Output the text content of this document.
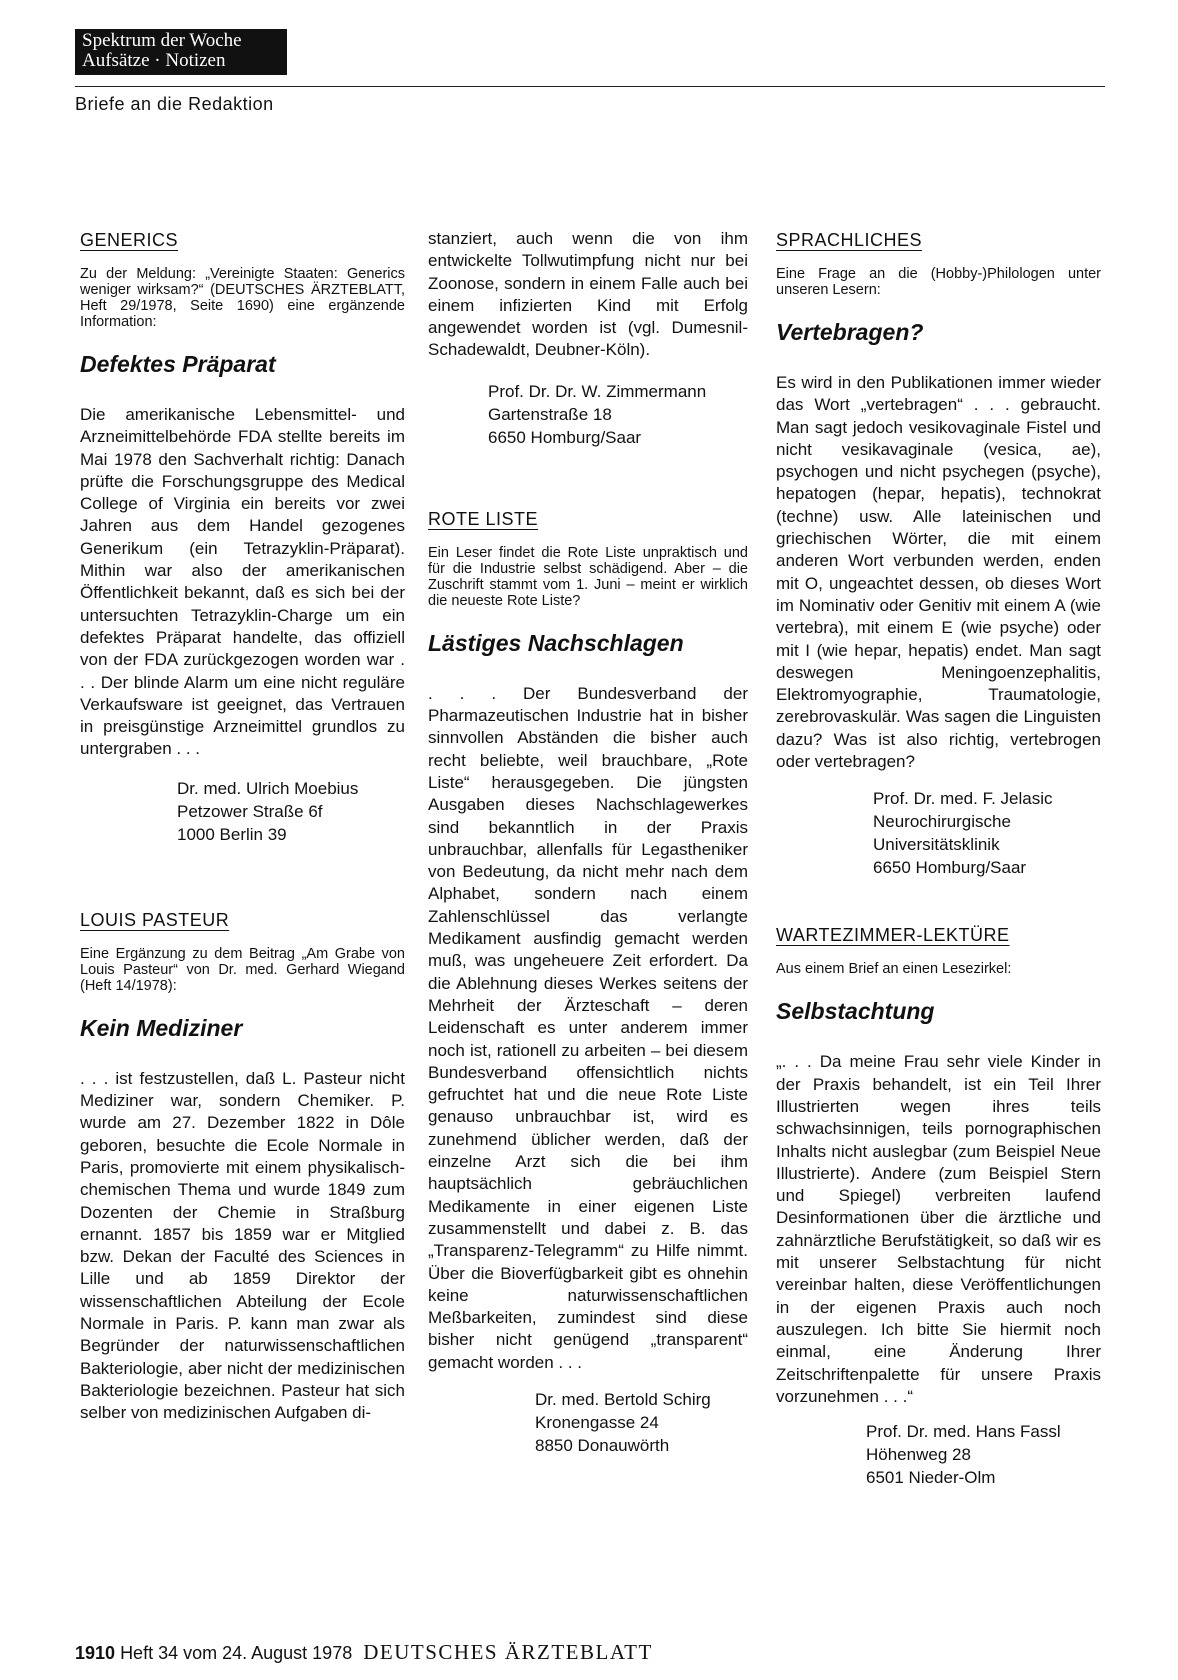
Spektrum der Woche
Aufsätze · Notizen
Briefe an die Redaktion
GENERICS

Zu der Meldung: „Vereinigte Staaten: Generics weniger wirksam?“ (DEUTSCHES ÄRZTEBLATT, Heft 29/1978, Seite 1690) eine ergänzende Information:

Defektes Präparat

Die amerikanische Lebensmittel- und Arzneimittelbehörde FDA stellte bereits im Mai 1978 den Sachverhalt richtig: Danach prüfte die Forschungsgruppe des Medical College of Virginia ein bereits vor zwei Jahren aus dem Handel gezogenes Generikum (ein Tetrazyklin-Präparat). Mithin war also der amerikanischen Öffentlichkeit bekannt, daß es sich bei der untersuchten Tetrazyklin-Charge um ein defektes Präparat handelte, das offiziell von der FDA zurückgezogen worden war . . . Der blinde Alarm um eine nicht reguläre Verkaufsware ist geeignet, das Vertrauen in preisgünstige Arzneimittel grundlos zu untergraben . . .

Dr. med. Ulrich Moebius
Petzower Straße 6f
1000 Berlin 39
LOUIS PASTEUR

Eine Ergänzung zu dem Beitrag „Am Grabe von Louis Pasteur“ von Dr. med. Gerhard Wiegand (Heft 14/1978):

Kein Mediziner

. . . ist festzustellen, daß L. Pasteur nicht Mediziner war, sondern Chemiker. P. wurde am 27. Dezember 1822 in Dôle geboren, besuchte die Ecole Normale in Paris, promovierte mit einem physikalisch-chemischen Thema und wurde 1849 zum Dozenten der Chemie in Straßburg ernannt. 1857 bis 1859 war er Mitglied bzw. Dekan der Faculté des Sciences in Lille und ab 1859 Direktor der wissenschaftlichen Abteilung der Ecole Normale in Paris. P. kann man zwar als Begründer der naturwissenschaftlichen Bakteriologie, aber nicht der medizinischen Bakteriologie bezeichnen. Pasteur hat sich selber von medizinischen Aufgaben di-

stanziert, auch wenn die von ihm entwickelte Tollwutimpfung nicht nur bei Zoonose, sondern in einem Falle auch bei einem infizierten Kind mit Erfolg angewendet worden ist (vgl. Dumesnil-Schadewaldt, Deubner-Köln).

Prof. Dr. Dr. W. Zimmermann
Gartenstraße 18
6650 Homburg/Saar
ROTE LISTE

Ein Leser findet die Rote Liste unpraktisch und für die Industrie selbst schädigend. Aber – die Zuschrift stammt vom 1. Juni – meint er wirklich die neueste Rote Liste?

Lästiges Nachschlagen

. . . Der Bundesverband der Pharmazeutischen Industrie hat in bisher sinnvollen Abständen die bisher auch recht beliebte, weil brauchbare, „Rote Liste“ herausgegeben. Die jüngsten Ausgaben dieses Nachschlagewerkes sind bekanntlich in der Praxis unbrauchbar, allenfalls für Legastheniker von Bedeutung, da nicht mehr nach dem Alphabet, sondern nach einem Zahlenschlüssel das verlangte Medikament ausfindig gemacht werden muß, was ungeheuere Zeit erfordert. Da die Ablehnung dieses Werkes seitens der Mehrheit der Ärzteschaft – deren Leidenschaft es unter anderem immer noch ist, rationell zu arbeiten – bei diesem Bundesverband offensichtlich nichts gefruchtet hat und die neue Rote Liste genauso unbrauchbar ist, wird es zunehmend üblicher werden, daß der einzelne Arzt sich die bei ihm hauptsächlich gebräuchlichen Medikamente in einer eigenen Liste zusammenstellt und dabei z. B. das „Transparenz-Telegramm“ zu Hilfe nimmt. Über die Bioverfügbarkeit gibt es ohnehin keine naturwissenschaftlichen Meßbarkeiten, zumindest sind diese bisher nicht genügend „transparent“ gemacht worden . . .

Dr. med. Bertold Schirg
Kronengasse 24
8850 Donauwörth
SPRACHLICHES

Eine Frage an die (Hobby-)Philologen unter unseren Lesern:

Vertebragen?

Es wird in den Publikationen immer wieder das Wort „vertebragen“ . . . gebraucht. Man sagt jedoch vesikovaginale Fistel und nicht vesikavaginale (vesica, ae), psychogen und nicht psychegen (psyche), hepatogen (hepar, hepatis), technokrat (techne) usw. Alle lateinischen und griechischen Wörter, die mit einem anderen Wort verbunden werden, enden mit O, ungeachtet dessen, ob dieses Wort im Nominativ oder Genitiv mit einem A (wie vertebra), mit einem E (wie psyche) oder mit I (wie hepar, hepatis) endet. Man sagt deswegen Meningoenzephalitis, Elektromyographie, Traumatologie, zerebrovaskulär. Was sagen die Linguisten dazu? Was ist also richtig, vertebrogen oder vertebragen?

Prof. Dr. med. F. Jelasic
Neurochirurgische
Universitätsklinik
6650 Homburg/Saar
WARTEZIMMER-LEKTÜRE

Aus einem Brief an einen Lesezirkel:

Selbstachtung

„. . . Da meine Frau sehr viele Kinder in der Praxis behandelt, ist ein Teil Ihrer Illustrierten wegen ihres teils schwachsinnigen, teils pornographischen Inhalts nicht auslegbar (zum Beispiel Neue Illustrierte). Andere (zum Beispiel Stern und Spiegel) verbreiten laufend Desinformationen über die ärztliche und zahnärztliche Berufstätigkeit, so daß wir es mit unserer Selbstachtung für nicht vereinbar halten, diese Veröffentlichungen in der eigenen Praxis auch noch auszulegen. Ich bitte Sie hiermit noch einmal, eine Änderung Ihrer Zeitschriftenpalette für unsere Praxis vorzunehmen . . .“

Prof. Dr. med. Hans Fassl
Höhenweg 28
6501 Nieder-Olm
1910 Heft 34 vom 24. August 1978 DEUTSCHES ÄRZTEBLATT
